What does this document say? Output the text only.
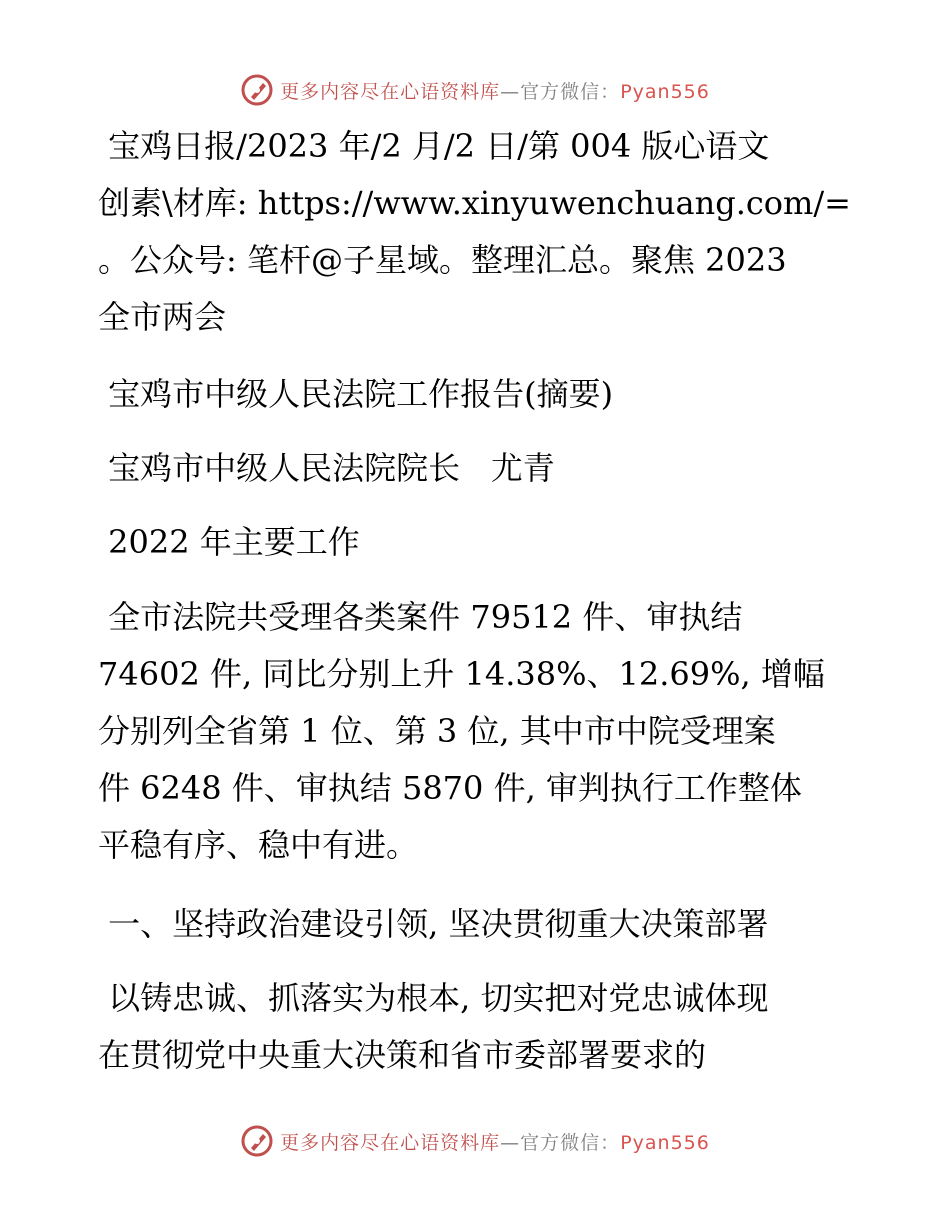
更多内容尽在心语资料库—官方微信：Pyan556
宝鸡日报/2023 年/2 月/2 日/第 004 版心语文
创素\材库: https://www.xinyuwenchuang.com/=
。公众号: 笔杆@子星域。整理汇总。聚焦 2023
全市两会
宝鸡市中级人民法院工作报告(摘要)
宝鸡市中级人民法院院长   尤青
2022 年主要工作
全市法院共受理各类案件 79512 件、审执结
74602 件, 同比分别上升 14.38%、12.69%, 增幅
分别列全省第 1 位、第 3 位, 其中市中院受理案
件 6248 件、审执结 5870 件, 审判执行工作整体
平稳有序、稳中有进。
一、坚持政治建设引领, 坚决贯彻重大决策部署
以铸忠诚、抓落实为根本, 切实把对党忠诚体现
在贯彻党中央重大决策和省市委部署要求的
更多内容尽在心语资料库—官方微信：Pyan556
